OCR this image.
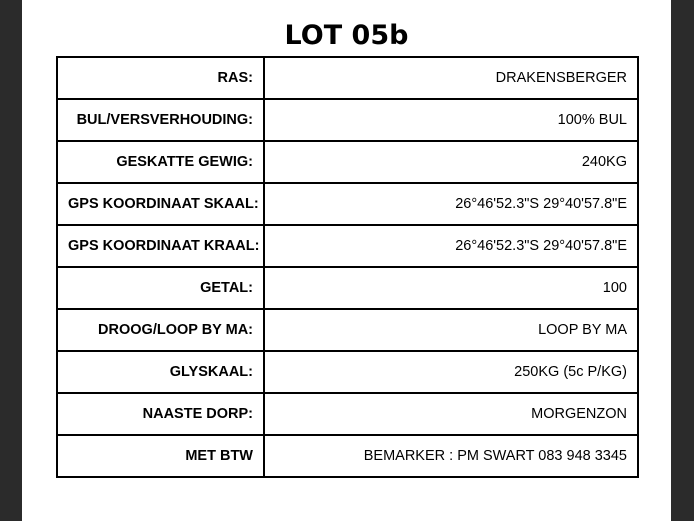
LOT 05b
RAS:	DRAKENSBERGER
BUL/VERSVERHOUDING:	100% BUL
GESKATTE GEWIG:	240KG
GPS KOORDINAAT SKAAL:	26°46'52.3"S 29°40'57.8"E
GPS KOORDINAAT KRAAL:	26°46'52.3"S 29°40'57.8"E
GETAL:	100
DROOG/LOOP BY MA:	LOOP BY MA
GLYSKAAL:	250KG (5c P/KG)
NAASTE DORP:	MORGENZON
MET BTW	BEMARKER : PM SWART 083 948 3345
